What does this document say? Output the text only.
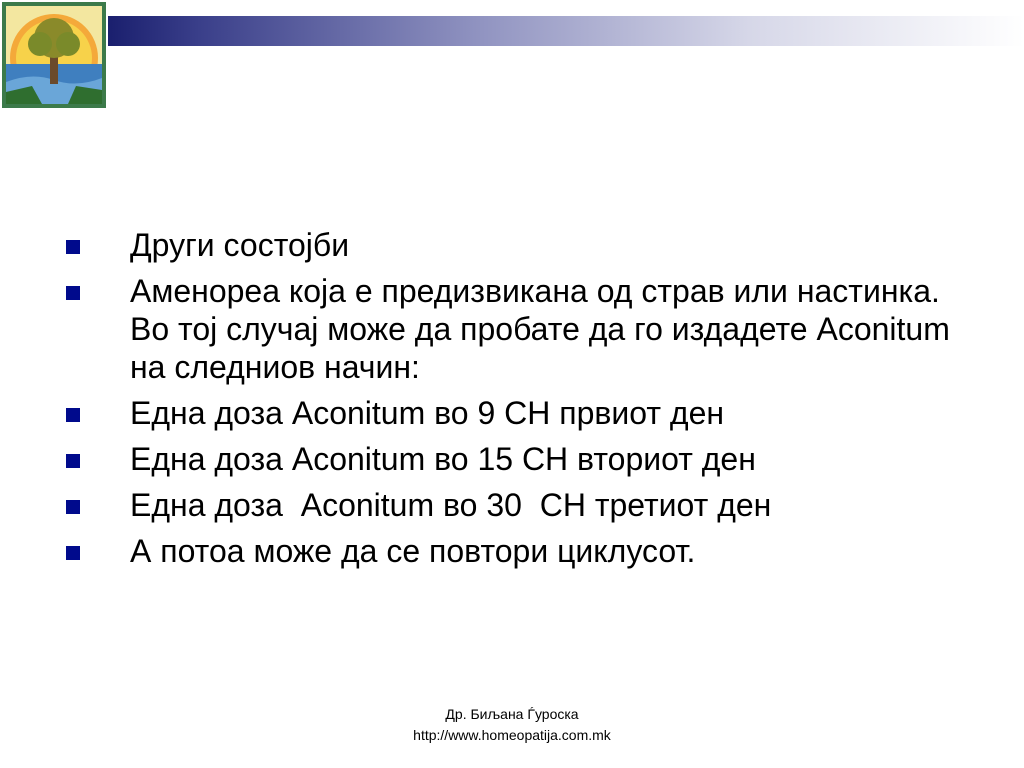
Други состојби
Аменореа која е предизвикана од страв или настинка. Во тој случај може да пробате да го издадете Aconitum на следниов начин:
Една доза Aconitum во 9 CH првиот ден
Една доза Aconitum во 15 CH вториот ден
Една доза  Aconitum во 30  CH третиот ден
А потоа може да се повтори циклусот.
Др. Биљана Ѓуроска
http://www.homeopatija.com.mk
